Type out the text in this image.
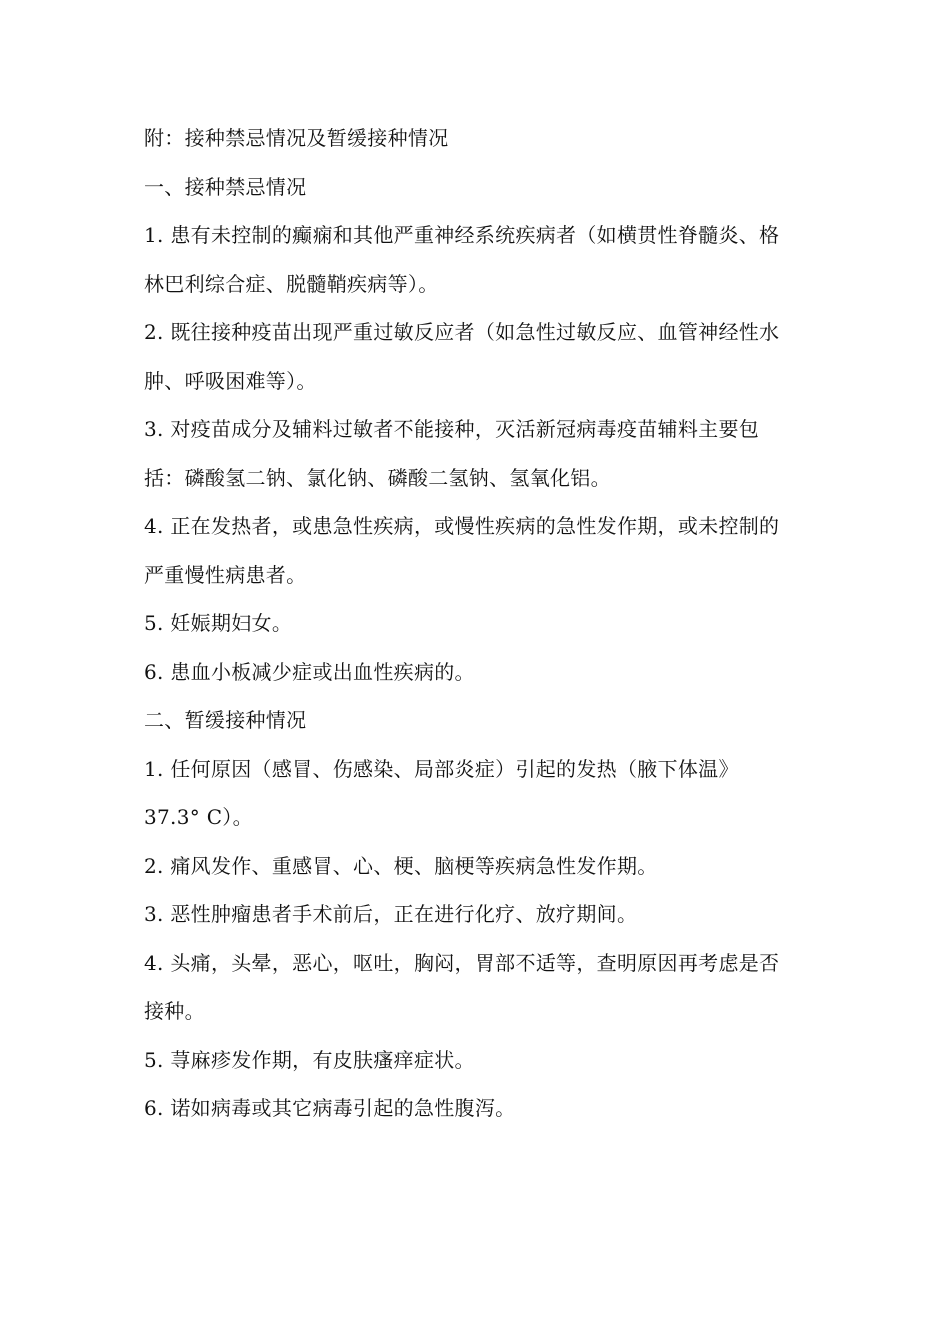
附：接种禁忌情况及暂缓接种情况
一、接种禁忌情况
1. 患有未控制的癫痫和其他严重神经系统疾病者（如横贯性脊髓炎、格
林巴利综合症、脱髓鞘疾病等）。
2. 既往接种疫苗出现严重过敏反应者（如急性过敏反应、血管神经性水
肿、呼吸困难等）。
3. 对疫苗成分及辅料过敏者不能接种，灭活新冠病毒疫苗辅料主要包
括：磷酸氢二钠、氯化钠、磷酸二氢钠、氢氧化铝。
4. 正在发热者，或患急性疾病，或慢性疾病的急性发作期，或未控制的
严重慢性病患者。
5. 妊娠期妇女。
6. 患血小板减少症或出血性疾病的。
二、暂缓接种情况
1. 任何原因（感冒、伤感染、局部炎症）引起的发热（腋下体温》
37.3° C）。
2. 痛风发作、重感冒、心、梗、脑梗等疾病急性发作期。
3. 恶性肿瘤患者手术前后，正在进行化疗、放疗期间。
4. 头痛，头晕，恶心，呕吐，胸闷，胃部不适等，查明原因再考虑是否
接种。
5. 荨麻疹发作期，有皮肤瘙痒症状。
6. 诺如病毒或其它病毒引起的急性腹泻。
